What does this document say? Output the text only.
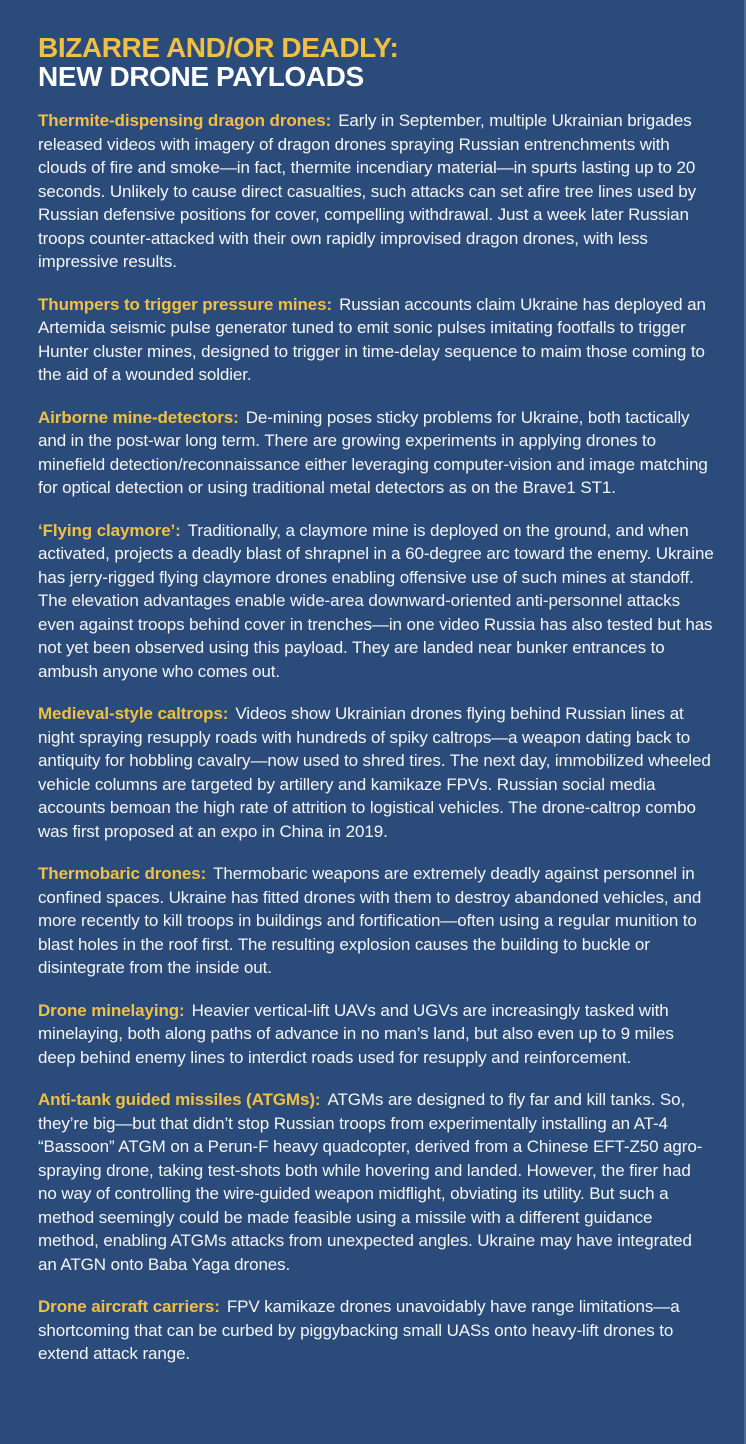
BIZARRE AND/OR DEADLY:
NEW DRONE PAYLOADS

Thermite-dispensing dragon drones: Early in September, multiple Ukrainian brigades released videos with imagery of dragon drones spraying Russian entrenchments with clouds of fire and smoke—in fact, thermite incendiary material—in spurts lasting up to 20 seconds. Unlikely to cause direct casualties, such attacks can set afire tree lines used by Russian defensive positions for cover, compelling withdrawal. Just a week later Russian troops counter-attacked with their own rapidly improvised dragon drones, with less impressive results.

Thumpers to trigger pressure mines: Russian accounts claim Ukraine has deployed an Artemida seismic pulse generator tuned to emit sonic pulses imitating footfalls to trigger Hunter cluster mines, designed to trigger in time-delay sequence to maim those coming to the aid of a wounded soldier.

Airborne mine-detectors: De-mining poses sticky problems for Ukraine, both tactically and in the post-war long term. There are growing experiments in applying drones to minefield detection/reconnaissance either leveraging computer-vision and image matching for optical detection or using traditional metal detectors as on the Brave1 ST1.

‘Flying claymore’: Traditionally, a claymore mine is deployed on the ground, and when activated, projects a deadly blast of shrapnel in a 60-degree arc toward the enemy. Ukraine has jerry-rigged flying claymore drones enabling offensive use of such mines at standoff. The elevation advantages enable wide-area downward-oriented anti-personnel attacks even against troops behind cover in trenches—in one video Russia has also tested but has not yet been observed using this payload. They are landed near bunker entrances to ambush anyone who comes out.

Medieval-style caltrops: Videos show Ukrainian drones flying behind Russian lines at night spraying resupply roads with hundreds of spiky caltrops—a weapon dating back to antiquity for hobbling cavalry—now used to shred tires. The next day, immobilized wheeled vehicle columns are targeted by artillery and kamikaze FPVs. Russian social media accounts bemoan the high rate of attrition to logistical vehicles. The drone-caltrop combo was first proposed at an expo in China in 2019.

Thermobaric drones: Thermobaric weapons are extremely deadly against personnel in confined spaces. Ukraine has fitted drones with them to destroy abandoned vehicles, and more recently to kill troops in buildings and fortification—often using a regular munition to blast holes in the roof first. The resulting explosion causes the building to buckle or disintegrate from the inside out.

Drone minelaying: Heavier vertical-lift UAVs and UGVs are increasingly tasked with minelaying, both along paths of advance in no man’s land, but also even up to 9 miles deep behind enemy lines to interdict roads used for resupply and reinforcement.

Anti-tank guided missiles (ATGMs): ATGMs are designed to fly far and kill tanks. So, they’re big—but that didn’t stop Russian troops from experimentally installing an AT-4 “Bassoon” ATGM on a Perun-F heavy quadcopter, derived from a Chinese EFT-Z50 agro-spraying drone, taking test-shots both while hovering and landed. However, the firer had no way of controlling the wire-guided weapon midflight, obviating its utility. But such a method seemingly could be made feasible using a missile with a different guidance method, enabling ATGMs attacks from unexpected angles. Ukraine may have integrated an ATGN onto Baba Yaga drones.

Drone aircraft carriers: FPV kamikaze drones unavoidably have range limitations—a shortcoming that can be curbed by piggybacking small UASs onto heavy-lift drones to extend attack range.
